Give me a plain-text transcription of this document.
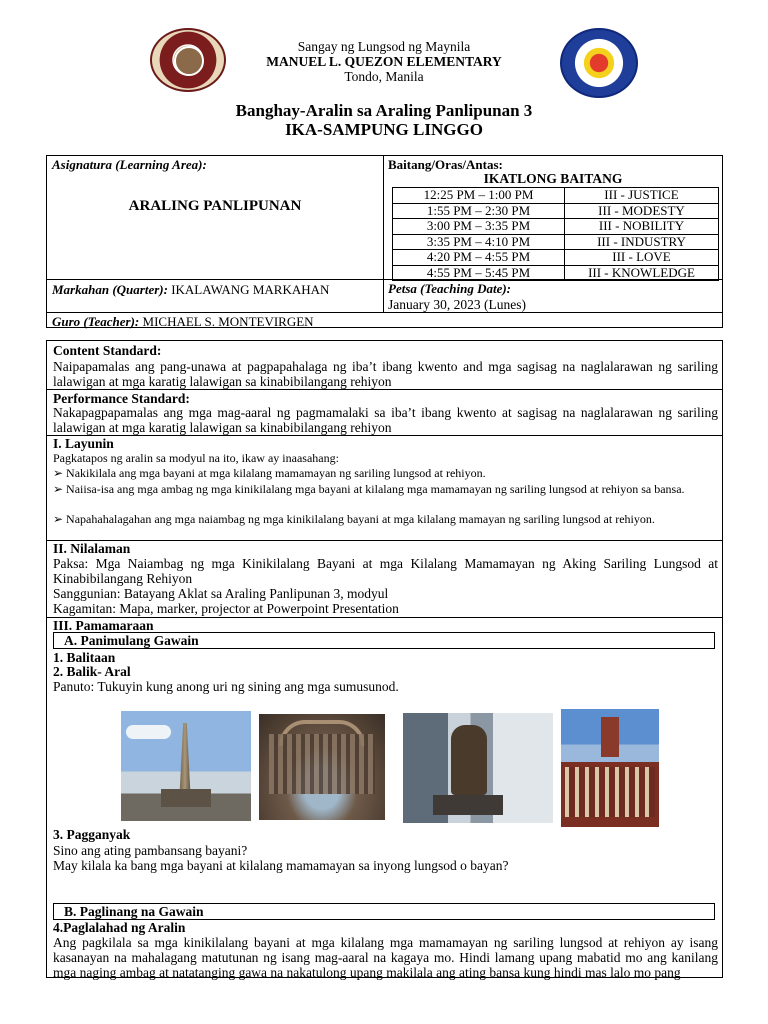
Sangay ng Lungsod ng Maynila
MANUEL L. QUEZON ELEMENTARY
Tondo, Manila
Banghay-Aralin sa Araling Panlipunan 3
IKA-SAMPUNG LINGGO
Asignatura (Learning Area):
ARALING PANLIPUNAN
Baitang/Oras/Antas:
IKATLONG BAITANG
12:25 PM – 1:00 PM	III - JUSTICE
1:55 PM – 2:30 PM	III - MODESTY
3:00 PM – 3:35 PM	III - NOBILITY
3:35 PM – 4:10 PM	III - INDUSTRY
4:20 PM – 4:55 PM	III - LOVE
4:55 PM – 5:45 PM	III - KNOWLEDGE
Markahan (Quarter): IKALAWANG MARKAHAN	Petsa (Teaching Date):
January 30, 2023 (Lunes)
Guro (Teacher): MICHAEL S. MONTEVIRGEN
Content Standard:
Naipapamalas ang pang-unawa at pagpapahalaga ng iba’t ibang kwento and mga sagisag na naglalarawan ng sariling lalawigan at mga karatig lalawigan sa kinabibilangang rehiyon
Performance Standard:
Nakapagpapamalas ang mga mag-aaral ng pagmamalaki sa iba’t ibang kwento at sagisag na naglalarawan ng sariling lalawigan at mga karatig lalawigan sa kinabibilangang rehiyon
I. Layunin
Pagkatapos ng aralin sa modyul na ito, ikaw ay inaasahang:
➢ Nakikilala ang mga bayani at mga kilalang mamamayan ng sariling lungsod at rehiyon.
➢ Naiisa-isa ang mga ambag ng mga kinikilalang mga bayani at kilalang mga mamamayan ng sariling lungsod at rehiyon sa bansa.
➢ Napahahalagahan ang mga naiambag ng mga kinikilalang bayani at mga kilalang mamayan ng sariling lungsod at rehiyon.
II. Nilalaman
Paksa: Mga Naiambag ng mga Kinikilalang Bayani at mga Kilalang Mamamayan ng Aking Sariling Lungsod at Kinabibilangang Rehiyon
Sanggunian: Batayang Aklat sa Araling Panlipunan 3, modyul
Kagamitan: Mapa, marker, projector at Powerpoint Presentation
III. Pamamaraan
A. Panimulang Gawain
1. Balitaan
2. Balik- Aral
Panuto: Tukuyin kung anong uri ng sining ang mga sumusunod.
3. Pagganyak
Sino ang ating pambansang bayani?
May kilala ka bang mga bayani at kilalang mamamayan sa inyong lungsod o bayan?
B. Paglinang na Gawain
4.Paglalahad ng Aralin
Ang pagkilala sa mga kinikilalang bayani at mga kilalang mga mamamayan ng sariling lungsod at rehiyon ay isang kasanayan na mahalagang matutunan ng isang mag-aaral na kagaya mo. Hindi lamang upang mabatid mo ang kanilang mga naging ambag at natatanging gawa na nakatulong upang makilala ang ating bansa kung hindi mas lalo mo pang
